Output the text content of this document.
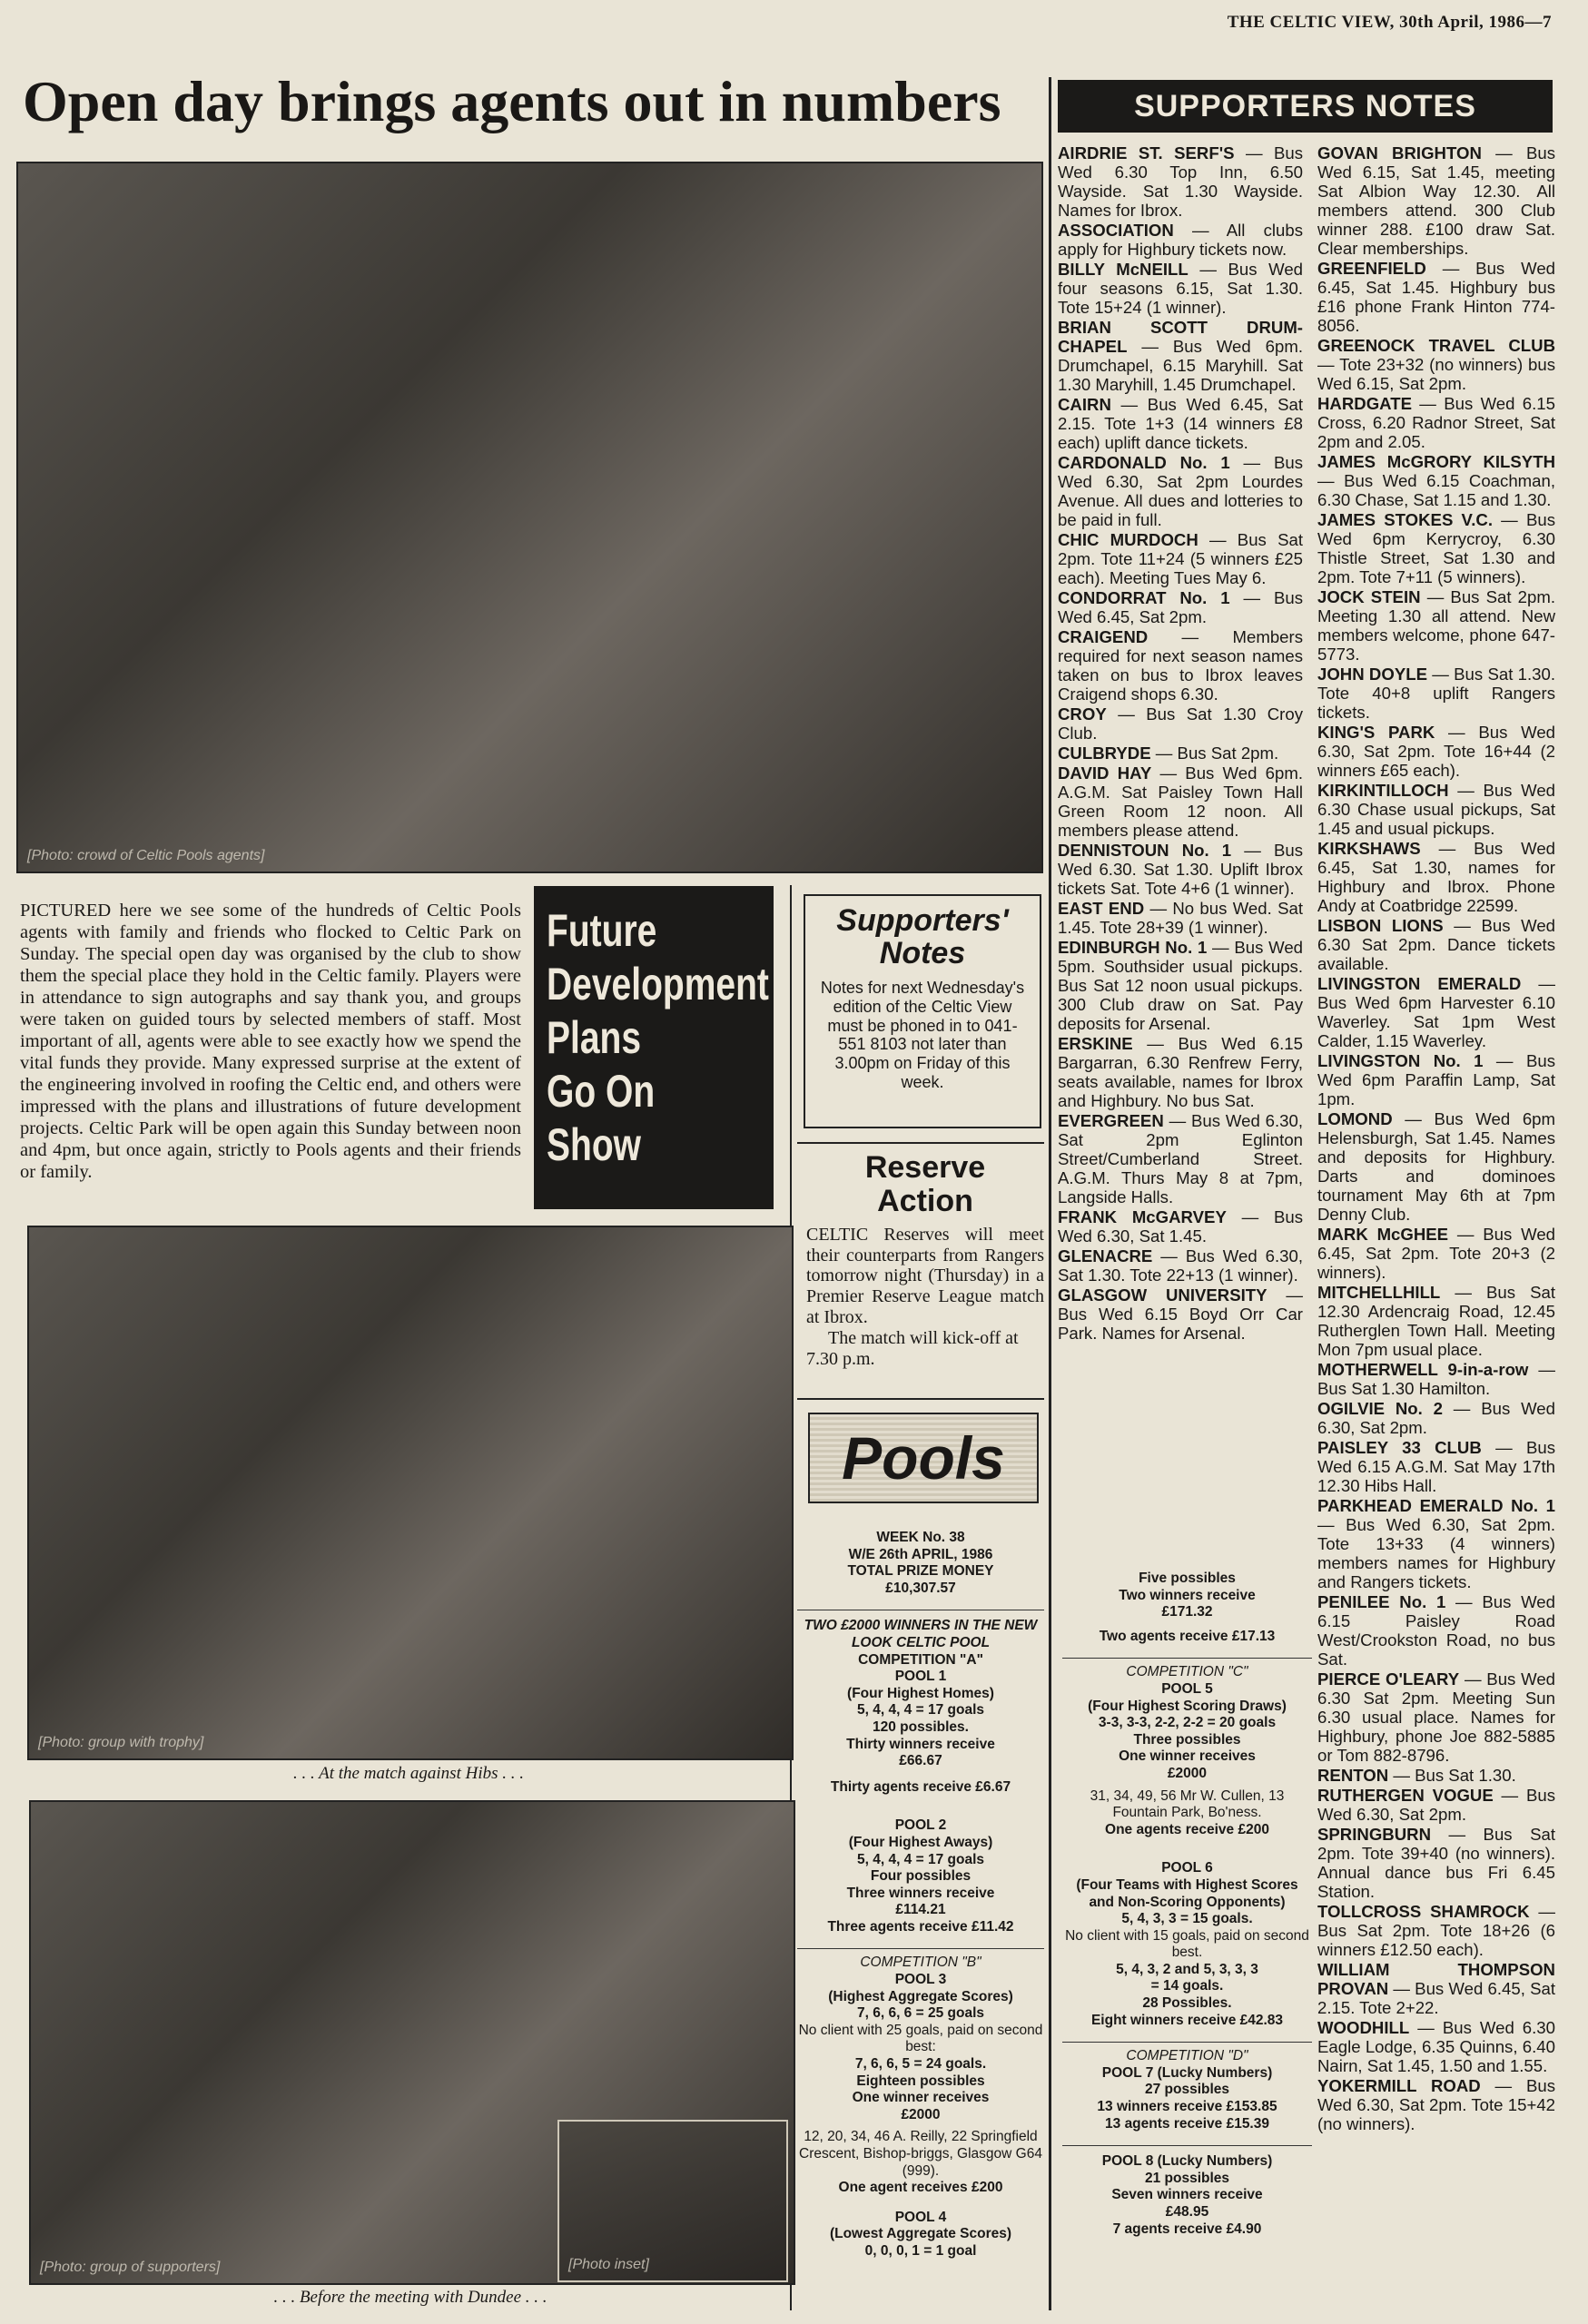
THE CELTIC VIEW, 30th April, 1986—7
Open day brings agents out in numbers
[Photo: crowd of Celtic Pools agents]
PICTURED here we see some of the hundreds of Celtic Pools agents with family and friends who flocked to Celtic Park on Sunday. The special open day was organised by the club to show them the special place they hold in the Celtic family. Players were in attendance to sign autographs and say thank you, and groups were taken on guided tours by selected members of staff. Most important of all, agents were able to see exactly how we spend the vital funds they provide. Many expressed surprise at the extent of the engineering involved in roofing the Celtic end, and others were impressed with the plans and illustrations of future development projects. Celtic Park will be open again this Sunday between noon and 4pm, but once again, strictly to Pools agents and their friends or family.
Future
Development
Plans
Go On
Show
[Photo: group with trophy]
. . . At the match against Hibs . . .
[Photo: group of supporters]	[Photo inset]
. . . Before the meeting with Dundee . . .
Supporters'
Notes
Notes for next Wednesday's edition of the Celtic View must be phoned in to 041-551 8103 not later than 3.00pm on Friday of this week.
Reserve
Action
CELTIC Reserves will meet their counterparts from Rangers tomorrow night (Thursday) in a Premier Reserve League match at Ibrox.
The match will kick-off at 7.30 p.m.
Pools

WEEK No. 38

W/E 26th APRIL, 1986

TOTAL PRIZE MONEY

£10,307.57

TWO £2000 WINNERS IN THE NEW LOOK CELTIC POOL

COMPETITION "A"

POOL 1

(Four Highest Homes)

5, 4, 4, 4 = 17 goals

120 possibles.

Thirty winners receive

£66.67

Thirty agents receive £6.67

POOL 2

(Four Highest Aways)

5, 4, 4, 4 = 17 goals

Four possibles

Three winners receive

£114.21

Three agents receive £11.42

COMPETITION "B"

POOL 3

(Highest Aggregate Scores)

7, 6, 6, 6 = 25 goals

No client with 25 goals, paid on second best:

7, 6, 6, 5 = 24 goals.

Eighteen possibles

One winner receives

£2000

12, 20, 34, 46 A. Reilly, 22 Springfield Crescent, Bishop-briggs, Glasgow G64 (999).

One agent receives £200

POOL 4

(Lowest Aggregate Scores)

0, 0, 0, 1 = 1 goal

Five possibles

Two winners receive

£171.32

Two agents receive £17.13

COMPETITION "C"

POOL 5

(Four Highest Scoring Draws)

3-3, 3-3, 2-2, 2-2 = 20 goals

Three possibles

One winner receives

£2000

31, 34, 49, 56 Mr W. Cullen, 13 Fountain Park, Bo'ness.

One agents receive £200

POOL 6

(Four Teams with Highest Scores and Non-Scoring Opponents)

5, 4, 3, 3 = 15 goals.

No client with 15 goals, paid on second best.

5, 4, 3, 2 and 5, 3, 3, 3

= 14 goals.

28 Possibles.

Eight winners receive £42.83

COMPETITION "D"

POOL 7 (Lucky Numbers)

27 possibles

13 winners receive £153.85

13 agents receive £15.39

POOL 8 (Lucky Numbers)

21 possibles

Seven winners receive

£48.95

7 agents receive £4.90

SUPPORTERS NOTES

AIRDRIE ST. SERF'S — Bus Wed 6.30 Top Inn, 6.50 Wayside. Sat 1.30 Wayside. Names for Ibrox.

ASSOCIATION — All clubs apply for Highbury tickets now.

BILLY McNEILL — Bus Wed four seasons 6.15, Sat 1.30. Tote 15+24 (1 winner).

BRIAN SCOTT DRUM-CHAPEL — Bus Wed 6pm. Drumchapel, 6.15 Maryhill. Sat 1.30 Maryhill, 1.45 Drumchapel.

CAIRN — Bus Wed 6.45, Sat 2.15. Tote 1+3 (14 winners £8 each) uplift dance tickets.

CARDONALD No. 1 — Bus Wed 6.30, Sat 2pm Lourdes Avenue. All dues and lotteries to be paid in full.

CHIC MURDOCH — Bus Sat 2pm. Tote 11+24 (5 winners £25 each). Meeting Tues May 6.

CONDORRAT No. 1 — Bus Wed 6.45, Sat 2pm.

CRAIGEND — Members required for next season names taken on bus to Ibrox leaves Craigend shops 6.30.

CROY — Bus Sat 1.30 Croy Club.

CULBRYDE — Bus Sat 2pm.

DAVID HAY — Bus Wed 6pm. A.G.M. Sat Paisley Town Hall Green Room 12 noon. All members please attend.

DENNISTOUN No. 1 — Bus Wed 6.30. Sat 1.30. Uplift Ibrox tickets Sat. Tote 4+6 (1 winner).

EAST END — No bus Wed. Sat 1.45. Tote 28+39 (1 winner).

EDINBURGH No. 1 — Bus Wed 5pm. Southsider usual pickups. Bus Sat 12 noon usual pickups. 300 Club draw on Sat. Pay deposits for Arsenal.

ERSKINE — Bus Wed 6.15 Bargarran, 6.30 Renfrew Ferry, seats available, names for Ibrox and Highbury. No bus Sat.

EVERGREEN — Bus Wed 6.30, Sat 2pm Eglinton Street/Cumberland Street. A.G.M. Thurs May 8 at 7pm, Langside Halls.

FRANK McGARVEY — Bus Wed 6.30, Sat 1.45.

GLENACRE — Bus Wed 6.30, Sat 1.30. Tote 22+13 (1 winner).

GLASGOW UNIVERSITY — Bus Wed 6.15 Boyd Orr Car Park. Names for Arsenal.

GOVAN BRIGHTON — Bus Wed 6.15, Sat 1.45, meeting Sat Albion Way 12.30. All members attend. 300 Club winner 288. £100 draw Sat. Clear memberships.

GREENFIELD — Bus Wed 6.45, Sat 1.45. Highbury bus £16 phone Frank Hinton 774-8056.

GREENOCK TRAVEL CLUB — Tote 23+32 (no winners) bus Wed 6.15, Sat 2pm.

HARDGATE — Bus Wed 6.15 Cross, 6.20 Radnor Street, Sat 2pm and 2.05.

JAMES McGRORY KILSYTH — Bus Wed 6.15 Coachman, 6.30 Chase, Sat 1.15 and 1.30.

JAMES STOKES V.C. — Bus Wed 6pm Kerrycroy, 6.30 Thistle Street, Sat 1.30 and 2pm. Tote 7+11 (5 winners).

JOCK STEIN — Bus Sat 2pm. Meeting 1.30 all attend. New members welcome, phone 647-5773.

JOHN DOYLE — Bus Sat 1.30. Tote 40+8 uplift Rangers tickets.

KING'S PARK — Bus Wed 6.30, Sat 2pm. Tote 16+44 (2 winners £65 each).

KIRKINTILLOCH — Bus Wed 6.30 Chase usual pickups, Sat 1.45 and usual pickups.

KIRKSHAWS — Bus Wed 6.45, Sat 1.30, names for Highbury and Ibrox. Phone Andy at Coatbridge 22599.

LISBON LIONS — Bus Wed 6.30 Sat 2pm. Dance tickets available.

LIVINGSTON EMERALD — Bus Wed 6pm Harvester 6.10 Waverley. Sat 1pm West Calder, 1.15 Waverley.

LIVINGSTON No. 1 — Bus Wed 6pm Paraffin Lamp, Sat 1pm.

LOMOND — Bus Wed 6pm Helensburgh, Sat 1.45. Names and deposits for Highbury. Darts and dominoes tournament May 6th at 7pm Denny Club.

MARK McGHEE — Bus Wed 6.45, Sat 2pm. Tote 20+3 (2 winners).

MITCHELLHILL — Bus Sat 12.30 Ardencraig Road, 12.45 Rutherglen Town Hall. Meeting Mon 7pm usual place.

MOTHERWELL 9-in-a-row — Bus Sat 1.30 Hamilton.

OGILVIE No. 2 — Bus Wed 6.30, Sat 2pm.

PAISLEY 33 CLUB — Bus Wed 6.15 A.G.M. Sat May 17th 12.30 Hibs Hall.

PARKHEAD EMERALD No. 1 — Bus Wed 6.30, Sat 2pm. Tote 13+33 (4 winners) members names for Highbury and Rangers tickets.

PENILEE No. 1 — Bus Wed 6.15 Paisley Road West/Crookston Road, no bus Sat.

PIERCE O'LEARY — Bus Wed 6.30 Sat 2pm. Meeting Sun 6.30 usual place. Names for Highbury, phone Joe 882-5885 or Tom 882-8796.

RENTON — Bus Sat 1.30.

RUTHERGEN VOGUE — Bus Wed 6.30, Sat 2pm.

SPRINGBURN — Bus Sat 2pm. Tote 39+40 (no winners). Annual dance bus Fri 6.45 Station.

TOLLCROSS SHAMROCK — Bus Sat 2pm. Tote 18+26 (6 winners £12.50 each).

WILLIAM THOMPSON PROVAN — Bus Wed 6.45, Sat 2.15. Tote 2+22.

WOODHILL — Bus Wed 6.30 Eagle Lodge, 6.35 Quinns, 6.40 Nairn, Sat 1.45, 1.50 and 1.55.

YOKERMILL ROAD — Bus Wed 6.30, Sat 2pm. Tote 15+42 (no winners).
